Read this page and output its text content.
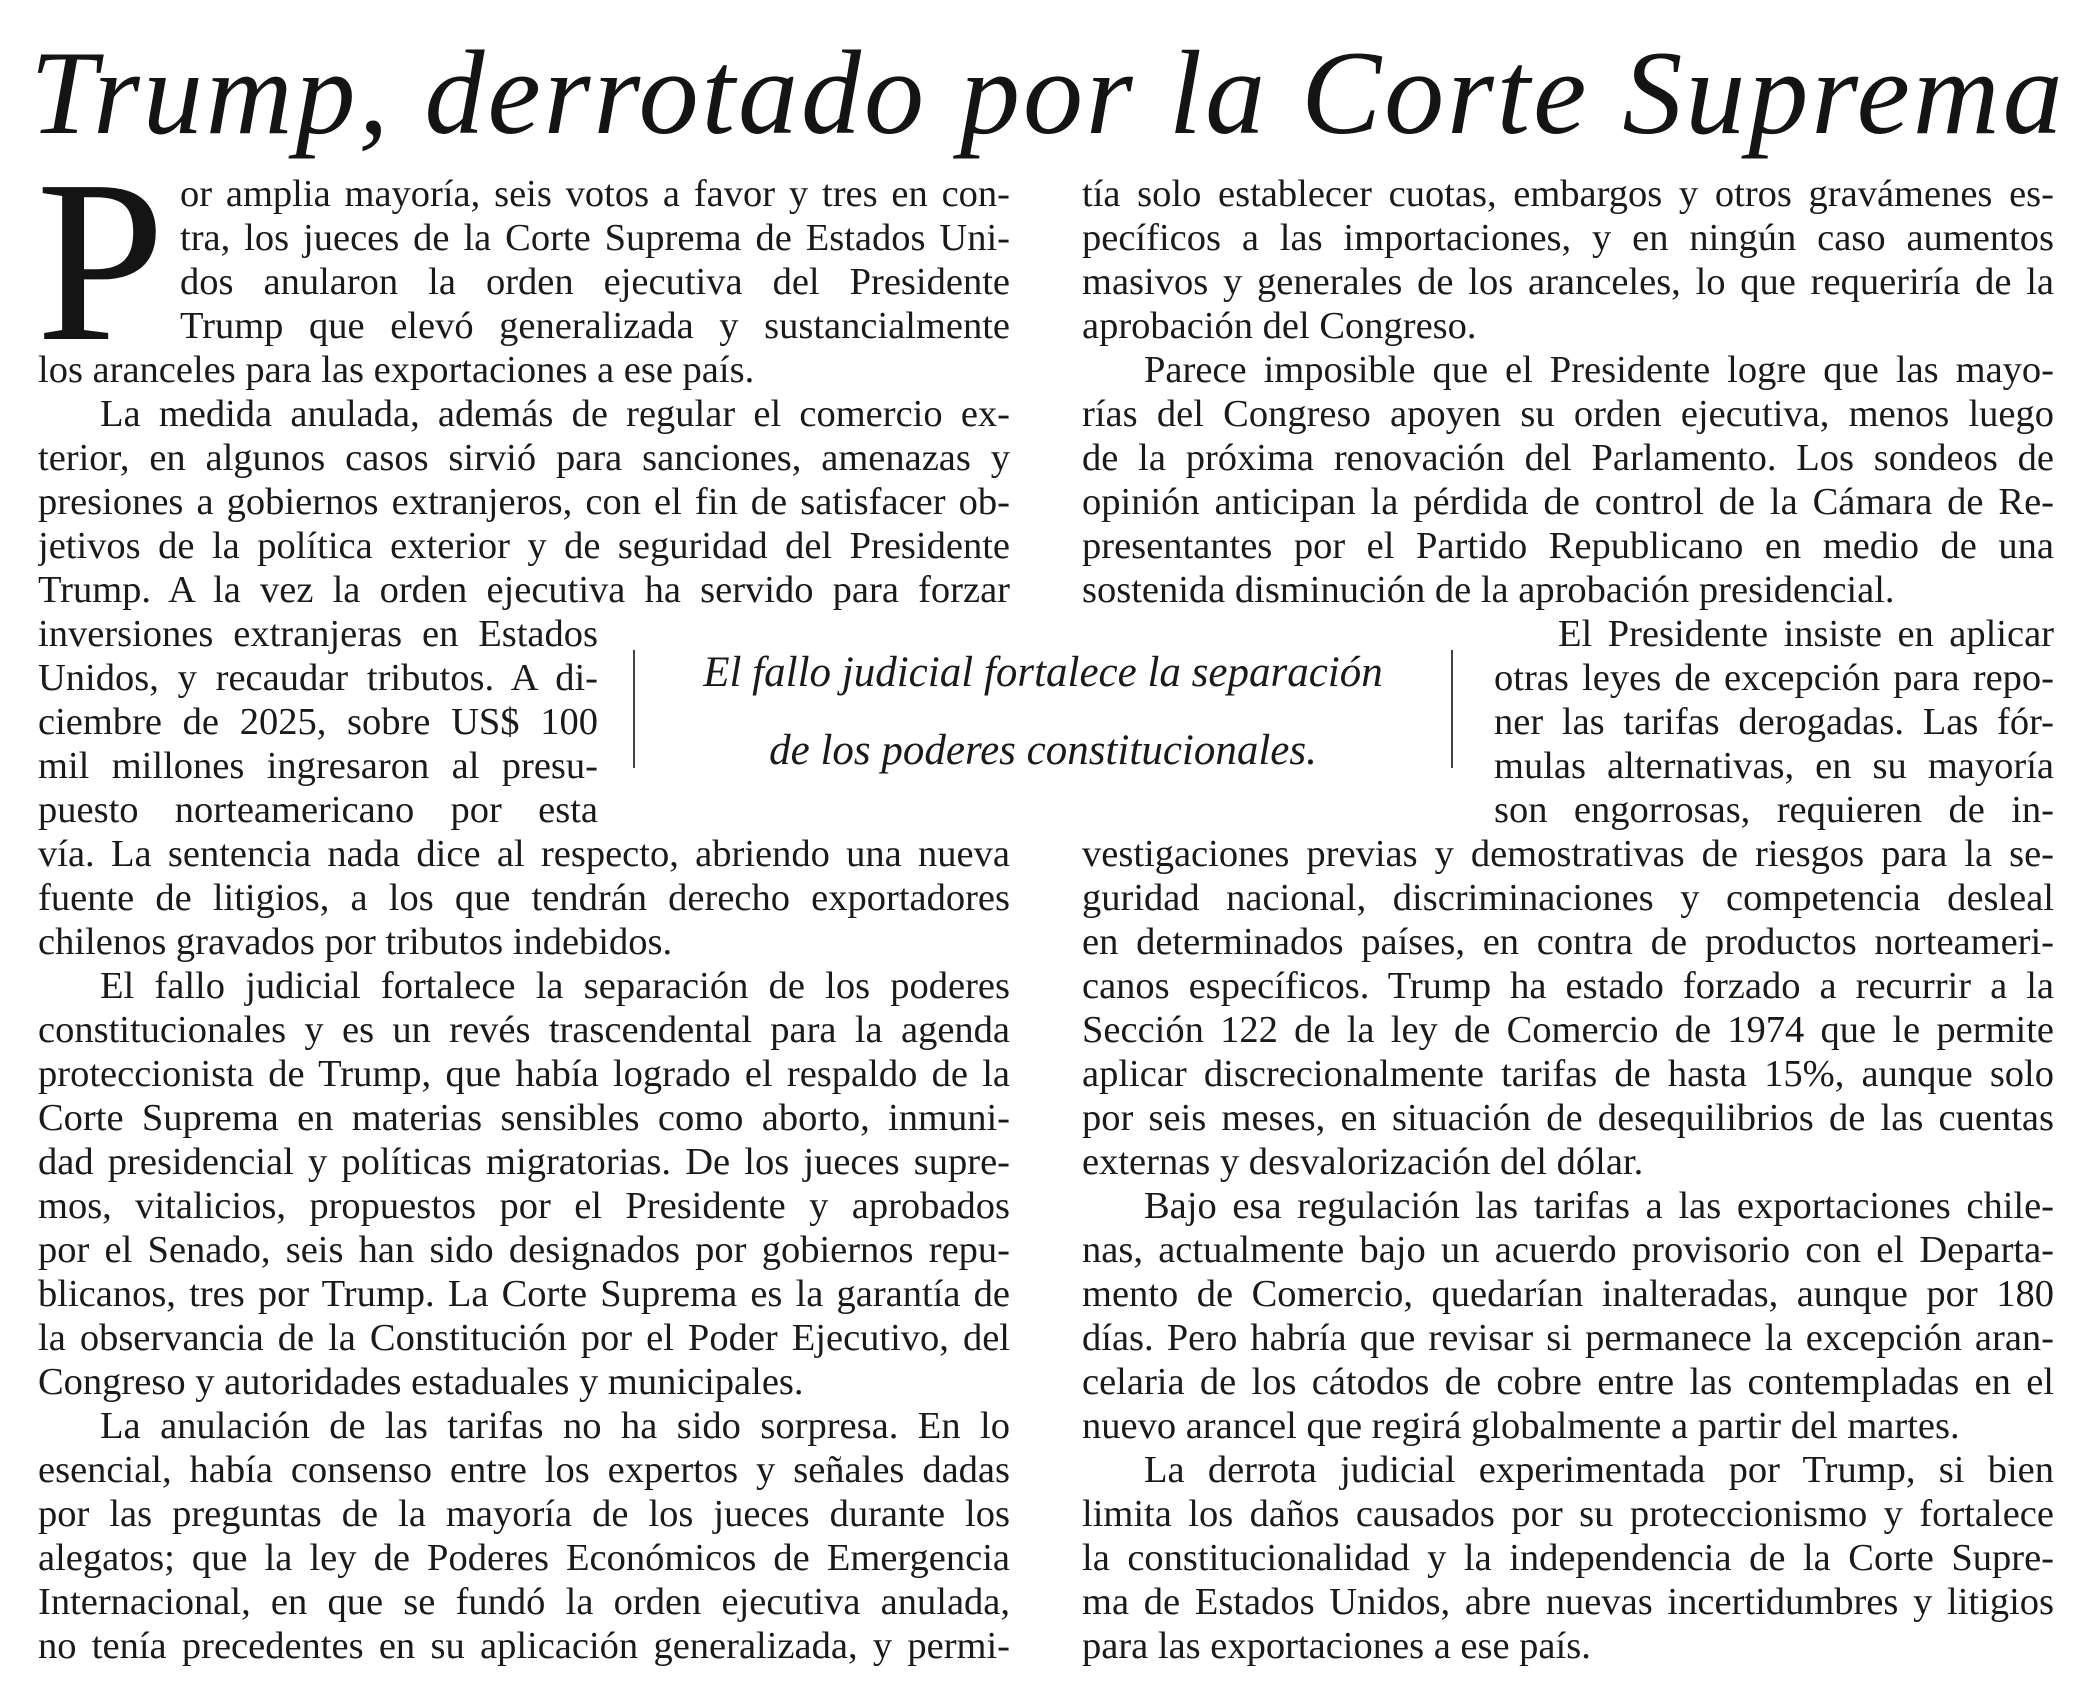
Trump, derrotado por la Corte Suprema
P or amplia mayoría, seis votos a favor y tres en con-

tra, los jueces de la Corte Suprema de Estados Uni-

dos anularon la orden ejecutiva del Presidente

Trump que elevó generalizada y sustancialmente

los aranceles para las exportaciones a ese país.

La medida anulada, además de regular el comercio ex-

terior, en algunos casos sirvió para sanciones, amenazas y

presiones a gobiernos extranjeros, con el fin de satisfacer ob-

jetivos de la política exterior y de seguridad del Presidente

Trump. A la vez la orden ejecutiva ha servido para forzar

inversiones extranjeras en Estados

Unidos, y recaudar tributos. A di-

ciembre de 2025, sobre US$ 100

mil millones ingresaron al presu-

puesto norteamericano por esta

vía. La sentencia nada dice al respecto, abriendo una nueva

fuente de litigios, a los que tendrán derecho exportadores

chilenos gravados por tributos indebidos.

El fallo judicial fortalece la separación de los poderes

constitucionales y es un revés trascendental para la agenda

proteccionista de Trump, que había logrado el respaldo de la

Corte Suprema en materias sensibles como aborto, inmuni-

dad presidencial y políticas migratorias. De los jueces supre-

mos, vitalicios, propuestos por el Presidente y aprobados

por el Senado, seis han sido designados por gobiernos repu-

blicanos, tres por Trump. La Corte Suprema es la garantía de

la observancia de la Constitución por el Poder Ejecutivo, del

Congreso y autoridades estaduales y municipales.

La anulación de las tarifas no ha sido sorpresa. En lo

esencial, había consenso entre los expertos y señales dadas

por las preguntas de la mayoría de los jueces durante los

alegatos; que la ley de Poderes Económicos de Emergencia

Internacional, en que se fundó la orden ejecutiva anulada,

no tenía precedentes en su aplicación generalizada, y permi-

El fallo judicial fortalece la separación

de los poderes constitucionales.

tía solo establecer cuotas, embargos y otros gravámenes es-

pecíficos a las importaciones, y en ningún caso aumentos

masivos y generales de los aranceles, lo que requeriría de la

aprobación del Congreso.

Parece imposible que el Presidente logre que las mayo-

rías del Congreso apoyen su orden ejecutiva, menos luego

de la próxima renovación del Parlamento. Los sondeos de

opinión anticipan la pérdida de control de la Cámara de Re-

presentantes por el Partido Republicano en medio de una

sostenida disminución de la aprobación presidencial.

El Presidente insiste en aplicar

otras leyes de excepción para repo-

ner las tarifas derogadas. Las fór-

mulas alternativas, en su mayoría

son engorrosas, requieren de in-

vestigaciones previas y demostrativas de riesgos para la se-

guridad nacional, discriminaciones y competencia desleal

en determinados países, en contra de productos norteameri-

canos específicos. Trump ha estado forzado a recurrir a la

Sección 122 de la ley de Comercio de 1974 que le permite

aplicar discrecionalmente tarifas de hasta 15%, aunque solo

por seis meses, en situación de desequilibrios de las cuentas

externas y desvalorización del dólar.

Bajo esa regulación las tarifas a las exportaciones chile-

nas, actualmente bajo un acuerdo provisorio con el Departa-

mento de Comercio, quedarían inalteradas, aunque por 180

días. Pero habría que revisar si permanece la excepción aran-

celaria de los cátodos de cobre entre las contempladas en el

nuevo arancel que regirá globalmente a partir del martes.

La derrota judicial experimentada por Trump, si bien

limita los daños causados por su proteccionismo y fortalece

la constitucionalidad y la independencia de la Corte Supre-

ma de Estados Unidos, abre nuevas incertidumbres y litigios

para las exportaciones a ese país.
